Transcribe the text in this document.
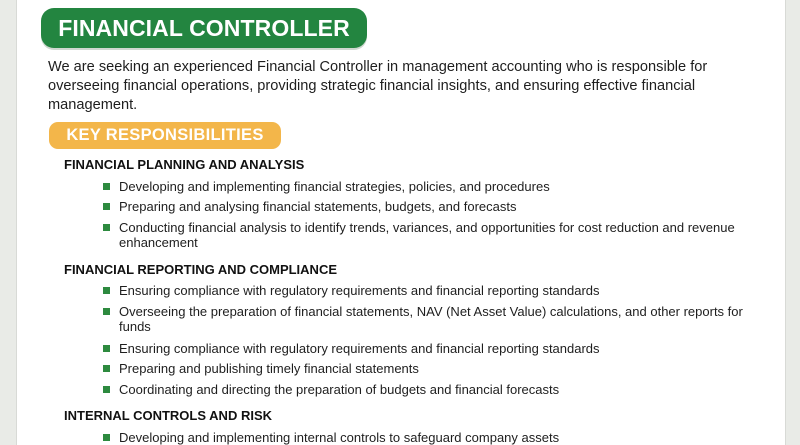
FINANCIAL CONTROLLER
We are seeking an experienced Financial Controller in management accounting who is responsible for overseeing financial operations, providing strategic financial insights, and ensuring effective financial management.
KEY RESPONSIBILITIES
FINANCIAL PLANNING AND ANALYSIS
Developing and implementing financial strategies, policies, and procedures
Preparing and analysing financial statements, budgets, and forecasts
Conducting financial analysis to identify trends, variances, and opportunities for cost reduction and revenue enhancement
FINANCIAL REPORTING AND COMPLIANCE
Ensuring compliance with regulatory requirements and financial reporting standards
Overseeing the preparation of financial statements, NAV (Net Asset Value) calculations, and other reports for funds
Ensuring compliance with regulatory requirements and financial reporting standards
Preparing and publishing timely financial statements
Coordinating and directing the preparation of budgets and financial forecasts
INTERNAL CONTROLS AND RISK
Developing and implementing internal controls to safeguard company assets
